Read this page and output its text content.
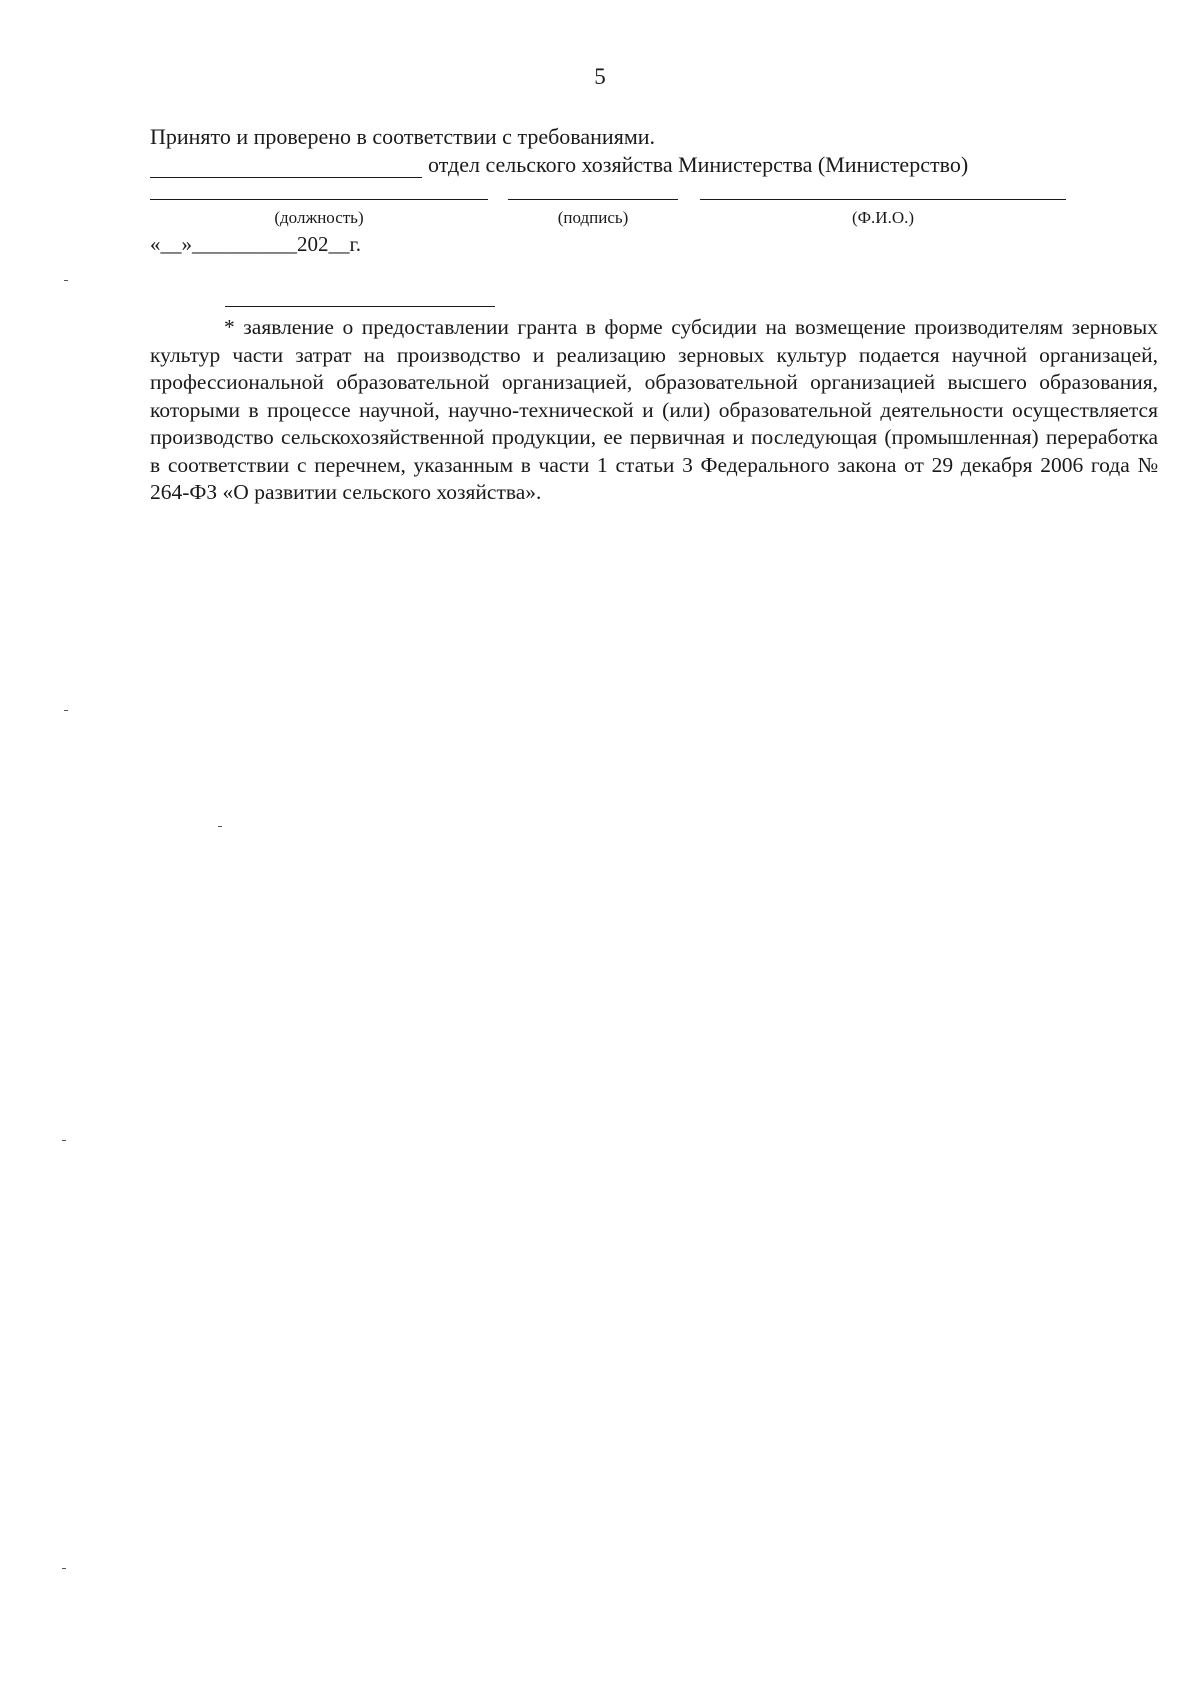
5
Принято и проверено в соответствии с требованиями.
отдел сельского хозяйства Министерства (Министерство)
(должность)	(подпись)	(Ф.И.О.)
«__»__________202__г.
* заявление о предоставлении гранта в форме субсидии на возмещение производителям зерновых культур части затрат на производство и реализацию зерновых культур подается научной организацей, профессиональной образовательной организацией, образовательной организацией высшего образования, которыми в процессе научной, научно-технической и (или) образовательной деятельности осуществляется производство сельскохозяйственной продукции, ее первичная и последующая (промышленная) переработка в соответствии с перечнем, указанным в части 1 статьи 3 Федерального закона от 29 декабря 2006 года № 264-ФЗ «О развитии сельского хозяйства».
